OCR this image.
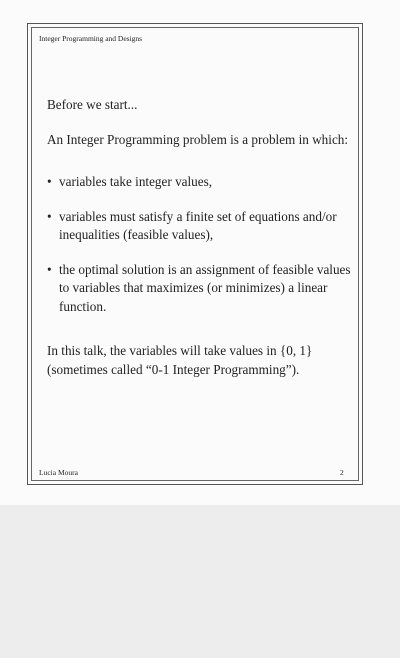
Integer Programming and Designs

Before we start...

An Integer Programming problem is a problem in which:

• variables take integer values,
• variables must satisfy a finite set of equations and/or inequalities (feasible values),
• the optimal solution is an assignment of feasible values to variables that maximizes (or minimizes) a linear function.

In this talk, the variables will take values in {0, 1} (sometimes called “0-1 Integer Programming”).

Lucia Moura	2
